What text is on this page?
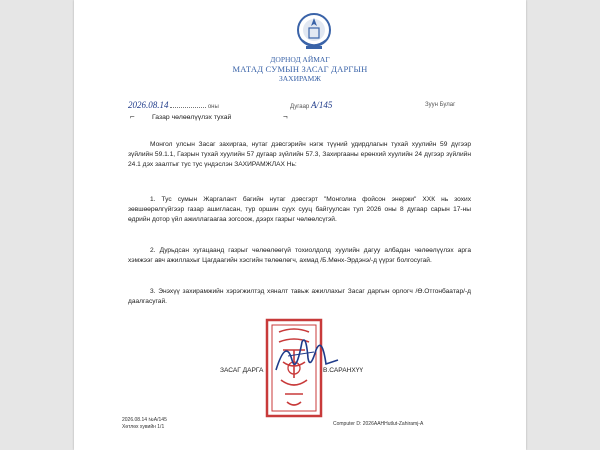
ДОРНОД АЙМАГ
МАТАД СУМЫН ЗАСАГ ДАРГЫН
ЗАХИРАМЖ
2026.08.14	оны	Дугаар А/145	Зуун Булаг
⌐	Газар чөлөөлүүлэх тухай	¬
Монгол улсын Засаг захиргаа, нутаг дэвсгэрийн нэгж түүний удирдлагын тухай хуулийн 59 дүгээр зүйлийн 59.1.1, Газрын тухай хуулийн 57 дугаар зүйлийн 57.3, Захиргааны ерөнхий хуулийн 24 дүгээр зүйлийн 24.1 дэх заалтыг тус тус үндэслэн ЗАХИРАМЖЛАХ Нь:
1. Тус сумын Жаргалант багийн нутаг дэвсгэрт "Монголиа фойсон энержи" ХХК нь зохих зөвшөөрөлгүйгээр газар ашигласан, тур оршин суух сууц байгуулсан тул 2026 оны 8 дугаар сарын 17-ны өдрийн дотор үйл ажиллагаагаа зогсоож, дээрх газрыг чөлөөлсүгэй.
2. Дурьдсан хугацаанд газрыг чөлөөлөөгүй тохиолдолд хуулийн дагуу албадан чөлөөлүүлэх арга хэмжээг авч ажиллахыг Цагдаагийн хэсгийн төлөөлөгч, ахмад /Б.Мөнх-Эрдэнэ/-д үүрэг болгосугай.
3. Энэхүү захирамжийн хэрэгжилтэд хяналт тавьж ажиллахыг Засаг даргын орлогч /Ө.Отгонбаатар/-д даалгасугай.
ЗАСАГ ДАРГА	В.САРАНХҮҮ
2026.08.14 №А/145
Хөтлөх хувийн 1/1	Computer D: 2026AAHHutlut-Zahiramj-A
